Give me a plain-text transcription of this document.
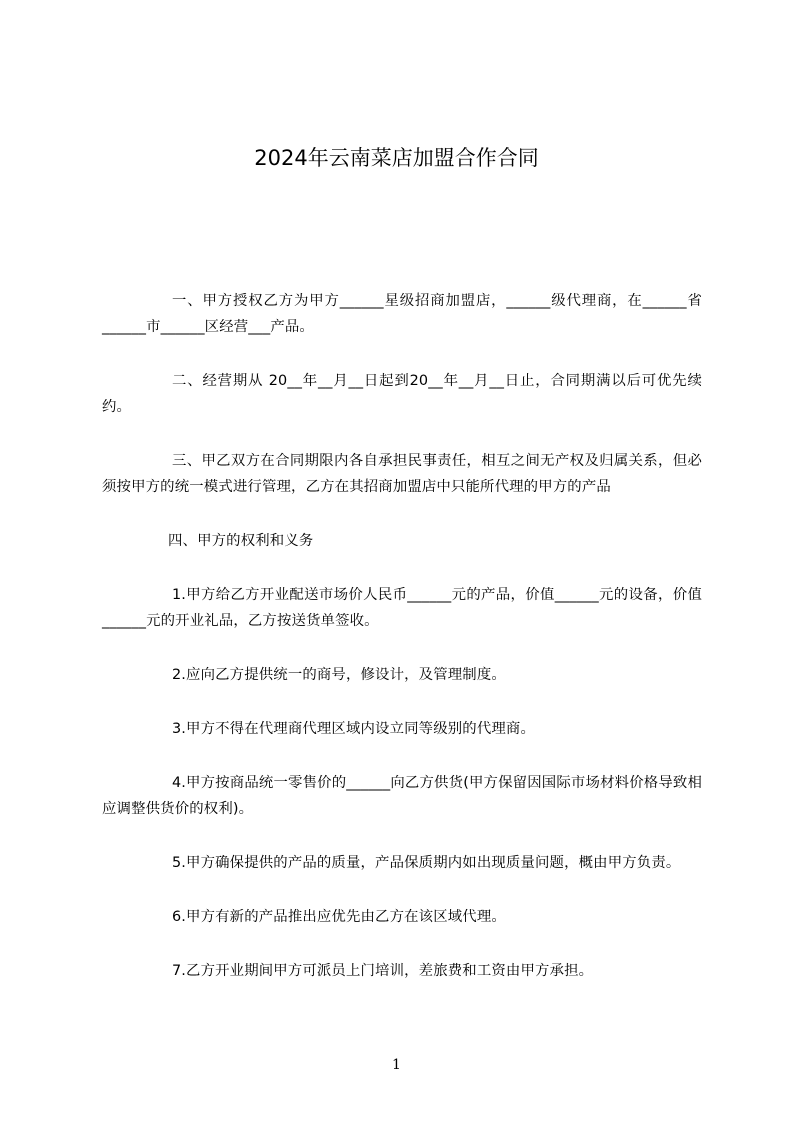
2024年云南菜店加盟合作合同

一、甲方授权乙方为甲方______星级招商加盟店，______级代理商，在______省______市______区经营___产品。

二、经营期从 20__年__月__日起到20__年__月__日止，合同期满以后可优先续约。

三、甲乙双方在合同期限内各自承担民事责任，相互之间无产权及归属关系，但必须按甲方的统一模式进行管理，乙方在其招商加盟店中只能所代理的甲方的产品

四、甲方的权利和义务

1.甲方给乙方开业配送市场价人民币______元的产品，价值______元的设备，价值______元的开业礼品，乙方按送货单签收。

2.应向乙方提供统一的商号，修设计，及管理制度。

3.甲方不得在代理商代理区域内设立同等级别的代理商。

4.甲方按商品统一零售价的______向乙方供货(甲方保留因国际市场材料价格导致相应调整供货价的权利)。

5.甲方确保提供的产品的质量，产品保质期内如出现质量问题，概由甲方负责。

6.甲方有新的产品推出应优先由乙方在该区域代理。

7.乙方开业期间甲方可派员上门培训，差旅费和工资由甲方承担。

1
